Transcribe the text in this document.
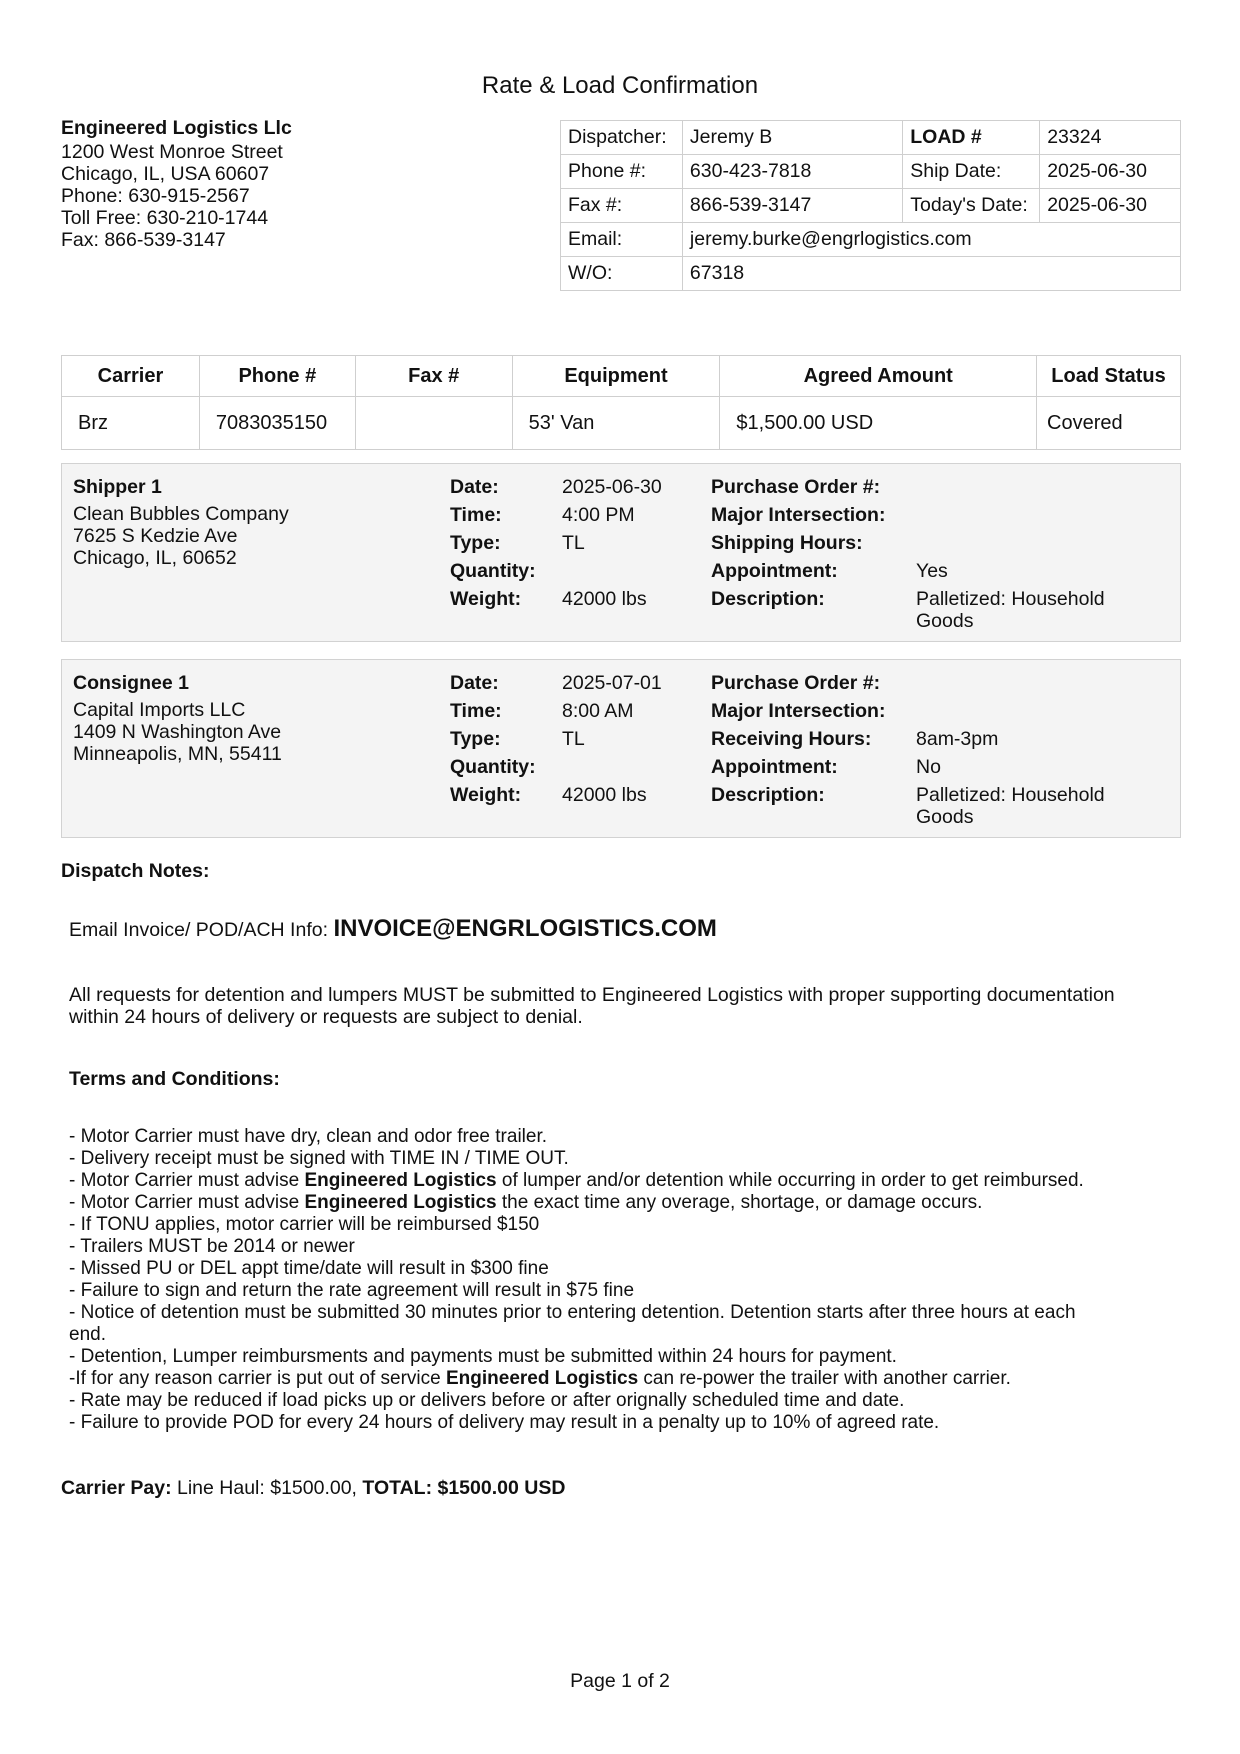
Rate & Load Confirmation
Engineered Logistics Llc
1200 West Monroe Street
Chicago, IL, USA 60607
Phone: 630-915-2567
Toll Free: 630-210-1744
Fax: 866-539-3147
Dispatcher:	Jeremy B	LOAD #	23324
Phone #:	630-423-7818	Ship Date:	2025-06-30
Fax #:	866-539-3147	Today's Date:	2025-06-30
Email:	jeremy.burke@engrlogistics.com		
W/O:	67318		
Carrier	Phone #	Fax #	Equipment	Agreed Amount	Load Status
Brz	7083035150		53' Van	$1,500.00 USD	Covered
Shipper 1
Clean Bubbles Company
7625 S Kedzie Ave
Chicago, IL, 60652
Date:	2025-06-30
Time:	4:00 PM
Type:	TL
Quantity:
Weight: 42000 lbs
Purchase Order #:
Major Intersection:
Shipping Hours:
Appointment:	Yes
Description:	Palletized: Household
Goods
Consignee 1
Capital Imports LLC
1409 N Washington Ave
Minneapolis, MN, 55411
Date:	2025-07-01
Time:	8:00 AM
Type:	TL
Quantity:
Weight: 42000 lbs
Purchase Order #:
Major Intersection:
Receiving Hours: 8am-3pm
Appointment:	No
Description:	Palletized: Household
Goods
Dispatch Notes:
Email Invoice/ POD/ACH Info: INVOICE@ENGRLOGISTICS.COM
All requests for detention and lumpers MUST be submitted to Engineered Logistics with proper supporting documentation
within 24 hours of delivery or requests are subject to denial.
Terms and Conditions:
- Motor Carrier must have dry, clean and odor free trailer.
- Delivery receipt must be signed with TIME IN / TIME OUT.
- Motor Carrier must advise Engineered Logistics of lumper and/or detention while occurring in order to get reimbursed.
- Motor Carrier must advise Engineered Logistics the exact time any overage, shortage, or damage occurs.
- If TONU applies, motor carrier will be reimbursed $150
- Trailers MUST be 2014 or newer
- Missed PU or DEL appt time/date will result in $300 fine
- Failure to sign and return the rate agreement will result in $75 fine
- Notice of detention must be submitted 30 minutes prior to entering detention. Detention starts after three hours at each
end.
- Detention, Lumper reimbursments and payments must be submitted within 24 hours for payment.
-If for any reason carrier is put out of service Engineered Logistics can re-power the trailer with another carrier.
- Rate may be reduced if load picks up or delivers before or after orignally scheduled time and date.
- Failure to provide POD for every 24 hours of delivery may result in a penalty up to 10% of agreed rate.
Carrier Pay: Line Haul: $1500.00, TOTAL: $1500.00 USD
Page 1 of 2
